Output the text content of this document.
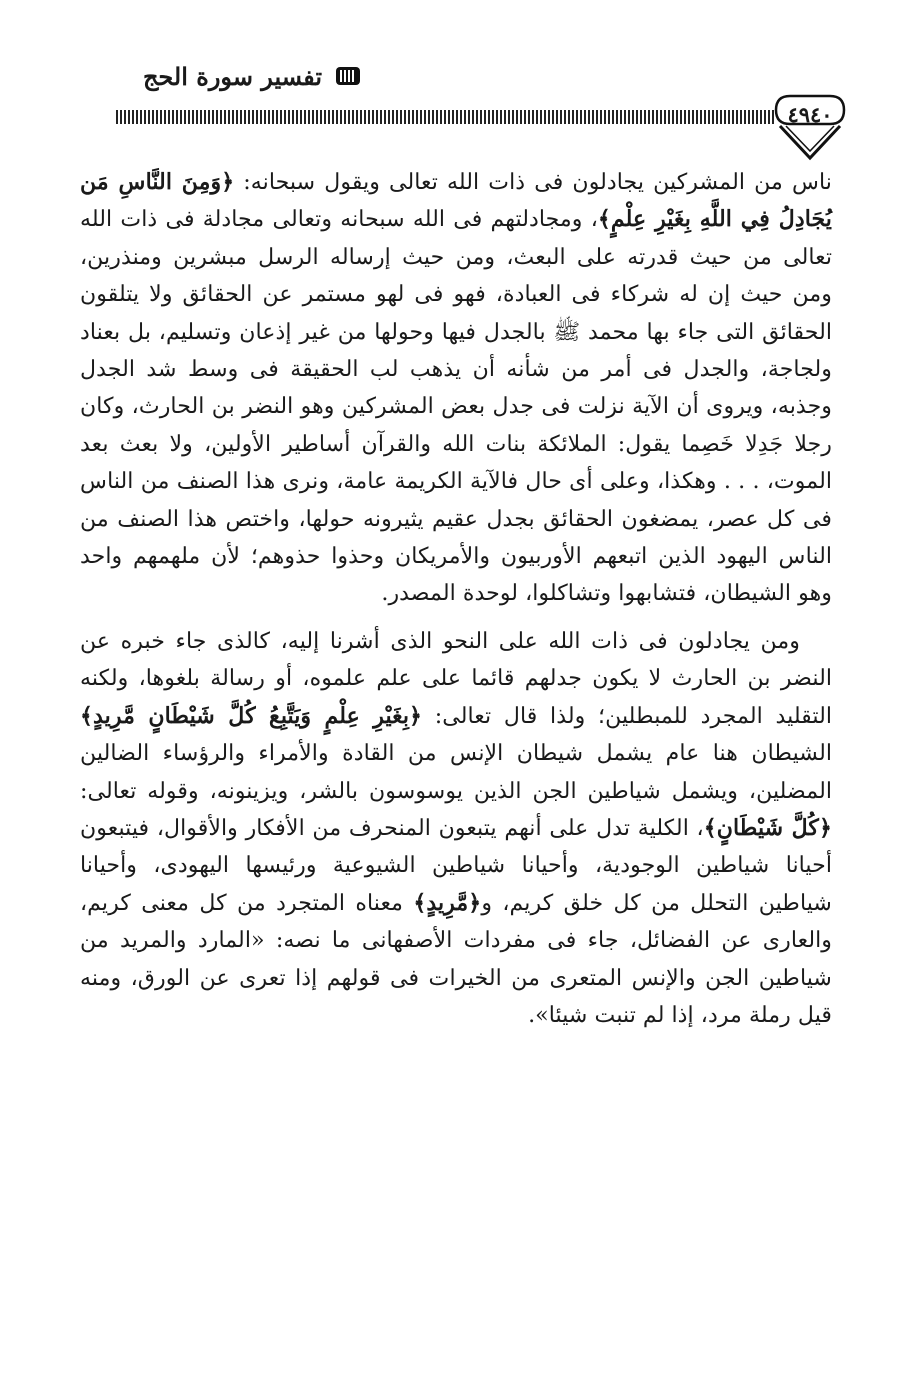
تفسير سورة الحج
٤٩٤٠

ناس من المشركين يجادلون فى ذات الله تعالى ويقول سبحانه: ﴿وَمِنَ النَّاسِ مَن يُجَادِلُ فِي اللَّهِ بِغَيْرِ عِلْمٍ﴾، ومجادلتهم فى الله سبحانه وتعالى مجادلة فى ذات الله تعالى من حيث قدرته على البعث، ومن حيث إرساله الرسل مبشرين ومنذرين، ومن حيث إن له شركاء فى العبادة، فهو فى لهو مستمر عن الحقائق ولا يتلقون الحقائق التى جاء بها محمد ﷺ بالجدل فيها وحولها من غير إذعان وتسليم، بل بعناد ولجاجة، والجدل فى أمر من شأنه أن يذهب لب الحقيقة فى وسط شد الجدل وجذبه، ويروى أن الآية نزلت فى جدل بعض المشركين وهو النضر بن الحارث، وكان رجلا جَدِلا خَصِما يقول: الملائكة بنات الله والقرآن أساطير الأولين، ولا بعث بعد الموت، . . . وهكذا، وعلى أى حال فالآية الكريمة عامة، ونرى هذا الصنف من الناس فى كل عصر، يمضغون الحقائق بجدل عقيم يثيرونه حولها، واختص هذا الصنف من الناس اليهود الذين اتبعهم الأوربيون والأمريكان وحذوا حذوهم؛ لأن ملهمهم واحد وهو الشيطان، فتشابهوا وتشاكلوا، لوحدة المصدر.

ومن يجادلون فى ذات الله على النحو الذى أشرنا إليه، كالذى جاء خبره عن النضر بن الحارث لا يكون جدلهم قائما على علم علموه، أو رسالة بلغوها، ولكنه التقليد المجرد للمبطلين؛ ولذا قال تعالى: ﴿بِغَيْرِ عِلْمٍ وَيَتَّبِعُ كُلَّ شَيْطَانٍ مَّرِيدٍ﴾ الشيطان هنا عام يشمل شيطان الإنس من القادة والأمراء والرؤساء الضالين المضلين، ويشمل شياطين الجن الذين يوسوسون بالشر، ويزينونه، وقوله تعالى: ﴿كُلَّ شَيْطَانٍ﴾، الكلية تدل على أنهم يتبعون المنحرف من الأفكار والأقوال، فيتبعون أحيانا شياطين الوجودية، وأحيانا شياطين الشيوعية ورئيسها اليهودى، وأحيانا شياطين التحلل من كل خلق كريم، و﴿مَّرِيدٍ﴾ معناه المتجرد من كل معنى كريم، والعارى عن الفضائل، جاء فى مفردات الأصفهانى ما نصه: «المارد والمريد من شياطين الجن والإنس المتعرى من الخيرات فى قولهم إذا تعرى عن الورق، ومنه قيل رملة مرد، إذا لم تنبت شيئا».
